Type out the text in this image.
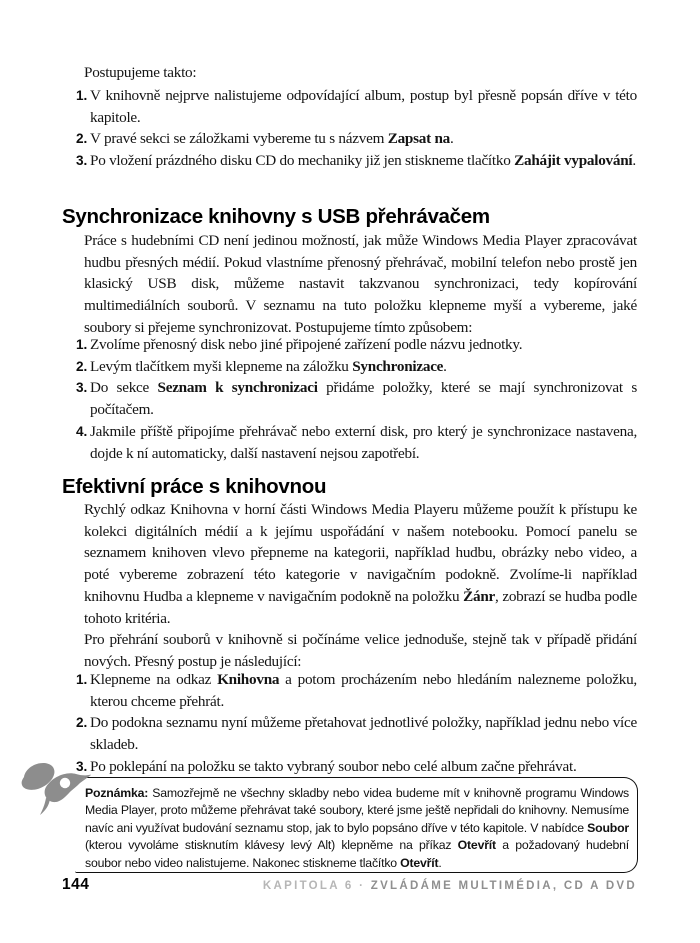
Postupujeme takto:

1. V knihovně nejprve nalistujeme odpovídající album, postup byl přesně popsán dříve v této kapitole.
2. V pravé sekci se záložkami vybereme tu s názvem Zapsat na.
3. Po vložení prázdného disku CD do mechaniky již jen stiskneme tlačítko Zahájit vypalování.
Synchronizace knihovny s USB přehrávačem

Práce s hudebními CD není jedinou možností, jak může Windows Media Player zpracovávat hudbu přesných médií. Pokud vlastníme přenosný přehrávač, mobilní telefon nebo prostě jen klasický USB disk, můžeme nastavit takzvanou synchronizaci, tedy kopírování multimediálních souborů. V seznamu na tuto položku klepneme myší a vybereme, jaké soubory si přejeme synchronizovat. Postupujeme tímto způsobem:

1. Zvolíme přenosný disk nebo jiné připojené zařízení podle názvu jednotky.
2. Levým tlačítkem myši klepneme na záložku Synchronizace.
3. Do sekce Seznam k synchronizaci přidáme položky, které se mají synchronizovat s počítačem.
4. Jakmile příště připojíme přehrávač nebo externí disk, pro který je synchronizace nastavena, dojde k ní automaticky, další nastavení nejsou zapotřebí.
Efektivní práce s knihovnou

Rychlý odkaz Knihovna v horní části Windows Media Playeru můžeme použít k přístupu ke kolekci digitálních médií a k jejímu uspořádání v našem notebooku. Pomocí panelu se seznamem knihoven vlevo přepneme na kategorii, například hudbu, obrázky nebo video, a poté vybereme zobrazení této kategorie v navigačním podokně. Zvolíme-li například knihovnu Hudba a klepneme v navigačním podokně na položku Žánr, zobrazí se hudba podle tohoto kritéria.

Pro přehrání souborů v knihovně si počínáme velice jednoduše, stejně tak v případě přidání nových. Přesný postup je následující:

1. Klepneme na odkaz Knihovna a potom procházením nebo hledáním nalezneme položku, kterou chceme přehrát.
2. Do podokna seznamu nyní můžeme přetahovat jednotlivé položky, například jednu nebo více skladeb.
3. Po poklepání na položku se takto vybraný soubor nebo celé album začne přehrávat.
Poznámka: Samozřejmě ne všechny skladby nebo videa budeme mít v knihovně programu Windows Media Player, proto můžeme přehrávat také soubory, které jsme ještě nepřidali do knihovny. Nemusíme navíc ani využívat budování seznamu stop, jak to bylo popsáno dříve v této kapitole. V nabídce Soubor (kterou vyvoláme stisknutím klávesy levý Alt) klepněme na příkaz Otevřít a požadovaný hudební soubor nebo video nalistujeme. Nakonec stiskneme tlačítko Otevřít.
144	KAPITOLA 6 · ZVLÁDÁME MULTIMÉDIA, CD A DVD
